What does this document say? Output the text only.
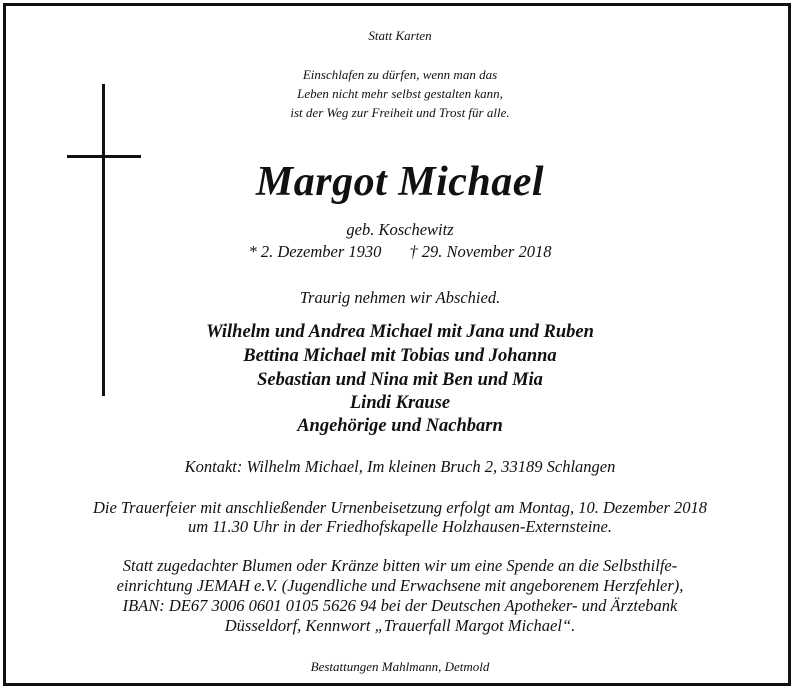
Statt Karten
Einschlafen zu dürfen, wenn man das
Leben nicht mehr selbst gestalten kann,
ist der Weg zur Freiheit und Trost für alle.
Margot Michael
geb. Koschewitz
* 2. Dezember 1930 † 29. November 2018
Traurig nehmen wir Abschied.
Wilhelm und Andrea Michael mit Jana und Ruben
Bettina Michael mit Tobias und Johanna
Sebastian und Nina mit Ben und Mia
Lindi Krause
Angehörige und Nachbarn
Kontakt: Wilhelm Michael, Im kleinen Bruch 2, 33189 Schlangen
Die Trauerfeier mit anschließender Urnenbeisetzung erfolgt am Montag, 10. Dezember 2018
um 11.30 Uhr in der Friedhofskapelle Holzhausen-Externsteine.
Statt zugedachter Blumen oder Kränze bitten wir um eine Spende an die Selbsthilfe-
einrichtung JEMAH e.V. (Jugendliche und Erwachsene mit angeborenem Herzfehler),
IBAN: DE67 3006 0601 0105 5626 94 bei der Deutschen Apotheker- und Ärztebank
Düsseldorf, Kennwort „Trauerfall Margot Michael“.
Bestattungen Mahlmann, Detmold
